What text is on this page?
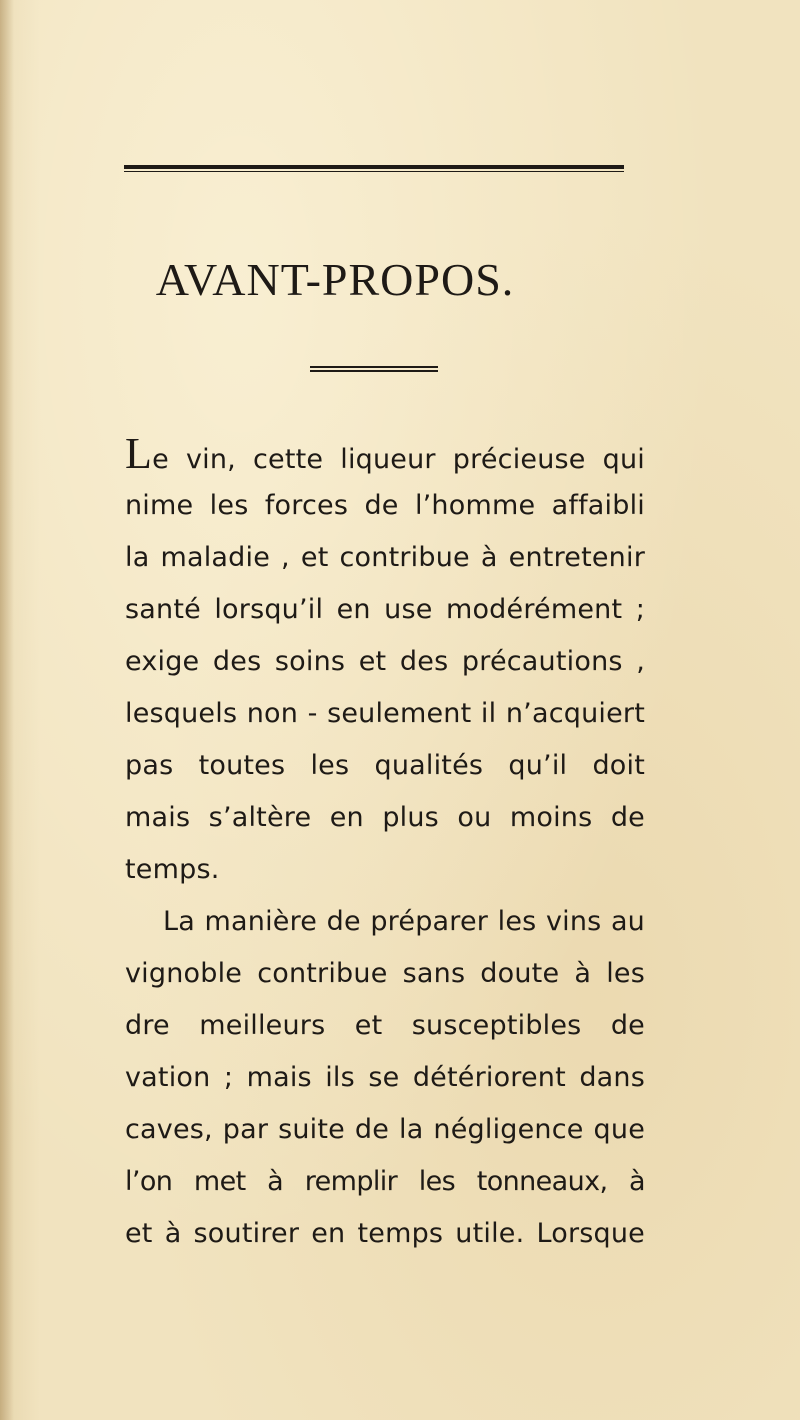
AVANT-PROPOS.
Le vin, cette liqueur précieuse qui
nime les forces de l’homme affaibli
la maladie , et contribue à entretenir
santé lorsqu’il en use modérément ;
exige des soins et des précautions ,
lesquels non - seulement il n’acquiert
pas toutes les qualités qu’il doit
mais s’altère en plus ou moins de
temps.
La manière de préparer les vins au
vignoble contribue sans doute à les
dre meilleurs et susceptibles de
vation ; mais ils se détériorent dans
caves, par suite de la négligence que
l’on met à remplir les tonneaux, à
et à soutirer en temps utile. Lorsque
